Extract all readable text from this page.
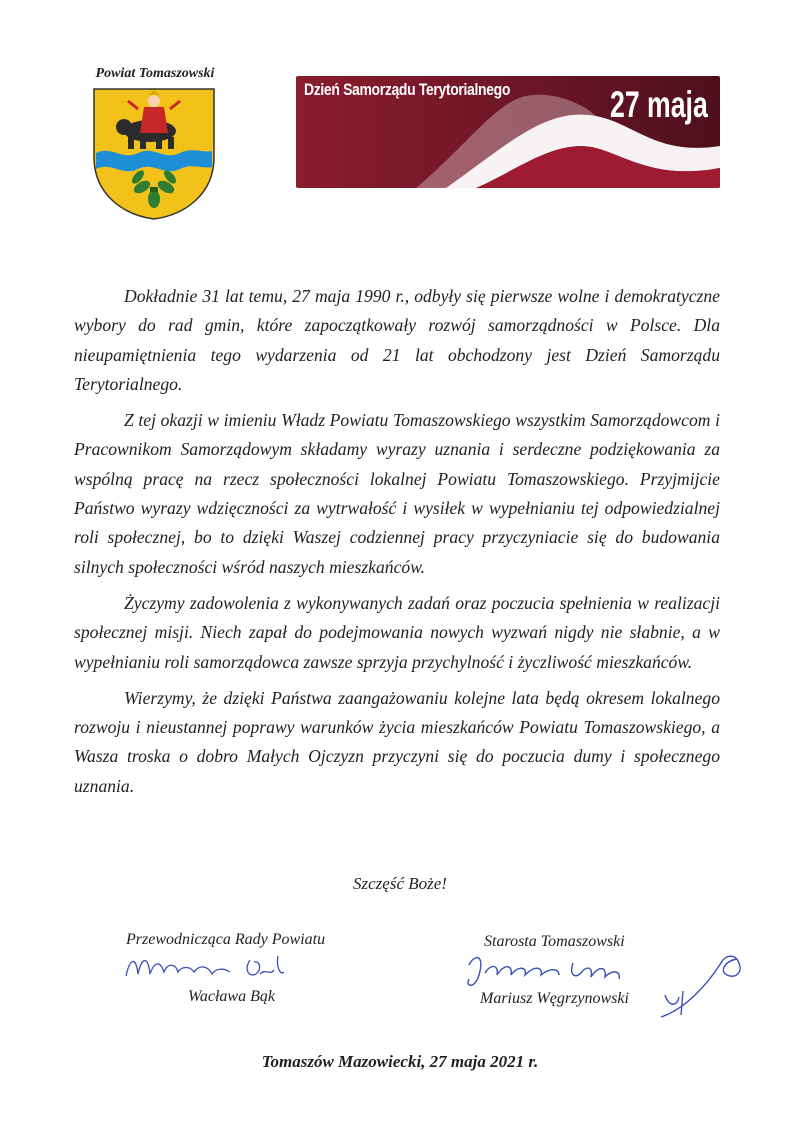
Powiat Tomaszowski
Dzień Samorządu Terytorialnego	27 maja

Dokładnie 31 lat temu, 27 maja 1990 r., odbyły się pierwsze wolne i demokratyczne wybory do rad gmin, które zapoczątkowały rozwój samorządności w Polsce. Dla nieupamiętnienia tego wydarzenia od 21 lat obchodzony jest Dzień Samorządu Terytorialnego.

Z tej okazji w imieniu Władz Powiatu Tomaszowskiego wszystkim Samorządowcom i Pracownikom Samorządowym składamy wyrazy uznania i serdeczne podziękowania za wspólną pracę na rzecz społeczności lokalnej Powiatu Tomaszowskiego. Przyjmijcie Państwo wyrazy wdzięczności za wytrwałość i wysiłek w wypełnianiu tej odpowiedzialnej roli społecznej, bo to dzięki Waszej codziennej pracy przyczyniacie się do budowania silnych społeczności wśród naszych mieszkańców.

Życzymy zadowolenia z wykonywanych zadań oraz poczucia spełnienia w realizacji społecznej misji. Niech zapał do podejmowania nowych wyzwań nigdy nie słabnie, a w wypełnianiu roli samorządowca zawsze sprzyja przychylność i życzliwość mieszkańców.

Wierzymy, że dzięki Państwa zaangażowaniu kolejne lata będą okresem lokalnego rozwoju i nieustannej poprawy warunków życia mieszkańców Powiatu Tomaszowskiego, a Wasza troska o dobro Małych Ojczyzn przyczyni się do poczucia dumy i społecznego uznania.

Szczęść Boże!
Przewodnicząca Rady Powiatu
Wacława Bąk
Starosta Tomaszowski
Mariusz Węgrzynowski
Tomaszów Mazowiecki, 27 maja 2021 r.
